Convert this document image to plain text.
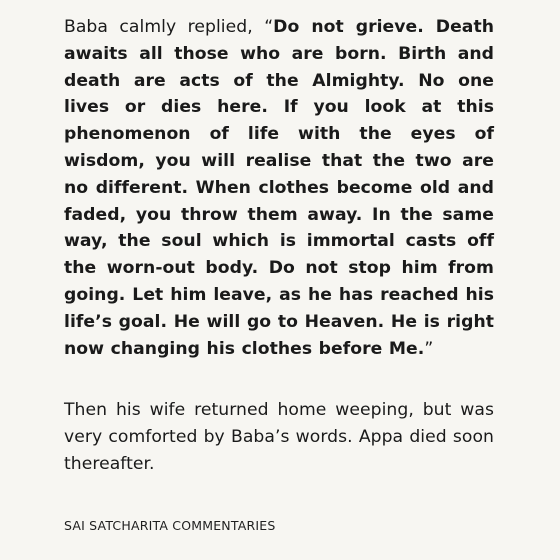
Baba calmly replied, “Do not grieve. Death awaits all those who are born. Birth and death are acts of the Almighty. No one lives or dies here. If you look at this phenomenon of life with the eyes of wisdom, you will realise that the two are no different. When clothes become old and faded, you throw them away. In the same way, the soul which is immortal casts off the worn-out body. Do not stop him from going. Let him leave, as he has reached his life’s goal. He will go to Heaven. He is right now changing his clothes before Me.”

Then his wife returned home weeping, but was very comforted by Baba’s words. Appa died soon thereafter.

SAI SATCHARITA COMMENTARIES
